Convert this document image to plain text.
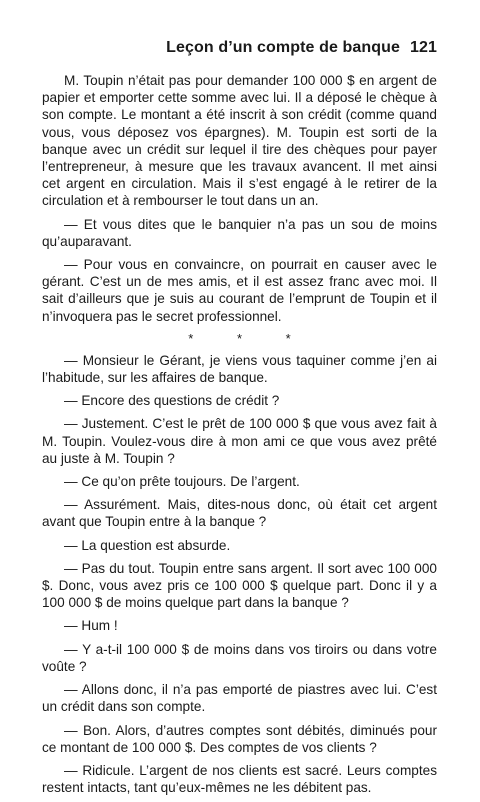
Leçon d’un compte de banque 121

M. Toupin n’était pas pour demander 100 000 $ en argent de papier et emporter cette somme avec lui. Il a déposé le chèque à son compte. Le montant a été inscrit à son crédit (comme quand vous, vous déposez vos épargnes). M. Toupin est sorti de la banque avec un crédit sur lequel il tire des chèques pour payer l’entrepreneur, à mesure que les travaux avancent. Il met ainsi cet argent en circulation. Mais il s’est engagé à le retirer de la circulation et à rembourser le tout dans un an.

— Et vous dites que le banquier n’a pas un sou de moins qu’auparavant.

— Pour vous en convaincre, on pourrait en causer avec le gérant. C’est un de mes amis, et il est assez franc avec moi. Il sait d’ailleurs que je suis au courant de l’emprunt de Toupin et il n’invoquera pas le secret professionnel.

* * *

— Monsieur le Gérant, je viens vous taquiner comme j’en ai l’habitude, sur les affaires de banque.

— Encore des questions de crédit ?

— Justement. C’est le prêt de 100 000 $ que vous avez fait à M. Toupin. Voulez-vous dire à mon ami ce que vous avez prêté au juste à M. Toupin ?

— Ce qu’on prête toujours. De l’argent.

— Assurément. Mais, dites-nous donc, où était cet argent avant que Toupin entre à la banque ?

— La question est absurde.

— Pas du tout. Toupin entre sans argent. Il sort avec 100 000 $. Donc, vous avez pris ce 100 000 $ quelque part. Donc il y a 100 000 $ de moins quelque part dans la banque ?

— Hum !

— Y a-t-il 100 000 $ de moins dans vos tiroirs ou dans votre voûte ?

— Allons donc, il n’a pas emporté de piastres avec lui. C’est un crédit dans son compte.

— Bon. Alors, d’autres comptes sont débités, diminués pour ce montant de 100 000 $. Des comptes de vos clients ?

— Ridicule. L’argent de nos clients est sacré. Leurs comptes restent intacts, tant qu’eux-mêmes ne les débitent pas.
